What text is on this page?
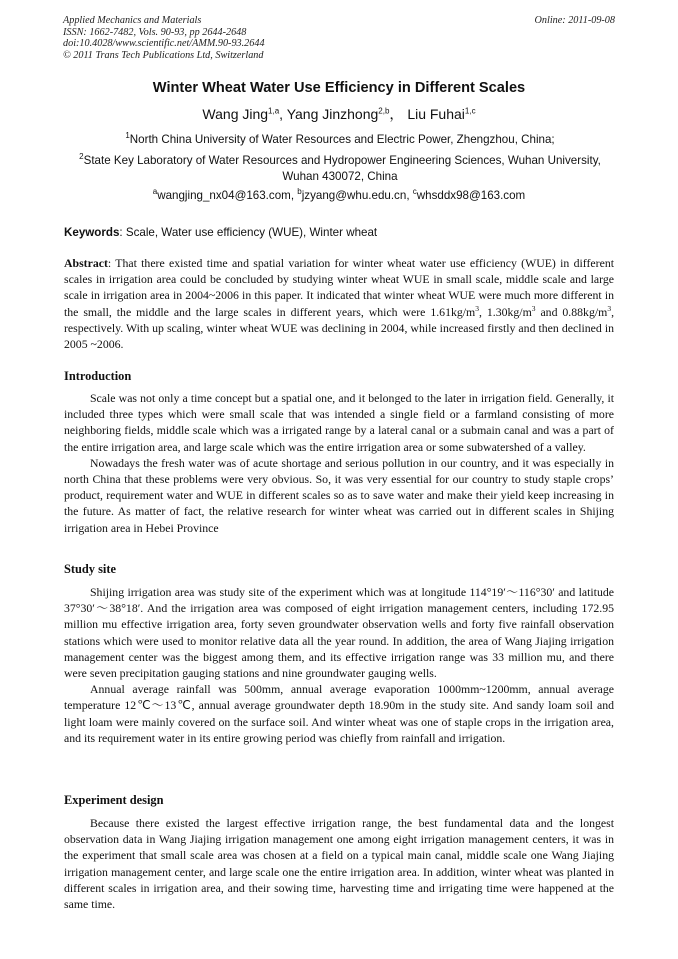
Applied Mechanics and Materials
ISSN: 1662-7482, Vols. 90-93, pp 2644-2648
doi:10.4028/www.scientific.net/AMM.90-93.2644
© 2011 Trans Tech Publications Ltd, Switzerland
Online: 2011-09-08
Winter Wheat Water Use Efficiency in Different Scales
Wang Jing$^{1,a}$, Yang Jinzhong$^{2,b}$， Liu Fuhai$^{1,c}$
$^1$North China University of Water Resources and Electric Power, Zhengzhou, China;
$^2$State Key Laboratory of Water Resources and Hydropower Engineering Sciences, Wuhan University, Wuhan 430072, China
$^a$wangjing_nx04@163.com, $^b$jzyang@whu.edu.cn, $^c$whsddx98@163.com
Keywords: Scale, Water use efficiency (WUE), Winter wheat

Abstract: That there existed time and spatial variation for winter wheat water use efficiency (WUE) in different scales in irrigation area could be concluded by studying winter wheat WUE in small scale, middle scale and large scale in irrigation area in 2004~2006 in this paper. It indicated that winter wheat WUE were much more different in the small, the middle and the large scales in different years, which were $1.61kg/m^3$, $1.30kg/m^3$ and $0.88kg/m^3$, respectively. With up scaling, winter wheat WUE was declining in 2004, while increased firstly and then declined in 2005 ~2006.

Introduction

Scale was not only a time concept but a spatial one, and it belonged to the later in irrigation field. Generally, it included three types which were small scale that was intended a single field or a farmland consisting of more neighboring fields, middle scale which was a irrigated range by a lateral canal or a submain canal and was a part of the entire irrigation area, and large scale which was the entire irrigation area or some subwatershed of a valley.

Nowadays the fresh water was of acute shortage and serious pollution in our country, and it was especially in north China that these problems were very obvious. So, it was very essential for our country to study staple crops’ product, requirement water and WUE in different scales so as to save water and make their yield keep increasing in the future. As matter of fact, the relative research for winter wheat was carried out in different scales in Shijing irrigation area in Hebei Province

Study site

Shijing irrigation area was study site of the experiment which was at longitude 114°19′～116°30′ and latitude 37°30′～38°18′. And the irrigation area was composed of eight irrigation management centers, including 172.95 million mu effective irrigation area, forty seven groundwater observation wells and forty five rainfall observation stations which were used to monitor relative data all the year round. In addition, the area of Wang Jiajing irrigation management center was the biggest among them, and its effective irrigation range was 33 million mu, and there were seven precipitation gauging stations and nine groundwater gauging wells.

Annual average rainfall was 500mm, annual average evaporation 1000mm~1200mm, annual average temperature 12℃～13℃, annual average groundwater depth 18.90m in the study site. And sandy loam soil and light loam were mainly covered on the surface soil. And winter wheat was one of staple crops in the irrigation area, and its requirement water in its entire growing period was chiefly from rainfall and irrigation.

Experiment design

Because there existed the largest effective irrigation range, the best fundamental data and the longest observation data in Wang Jiajing irrigation management one among eight irrigation management centers, it was in the experiment that small scale area was chosen at a field on a typical main canal, middle scale one Wang Jiajing irrigation management center, and large scale one the entire irrigation area. In addition, winter wheat was planted in different scales in irrigation area, and their sowing time, harvesting time and irrigating time were happened at the same time.
